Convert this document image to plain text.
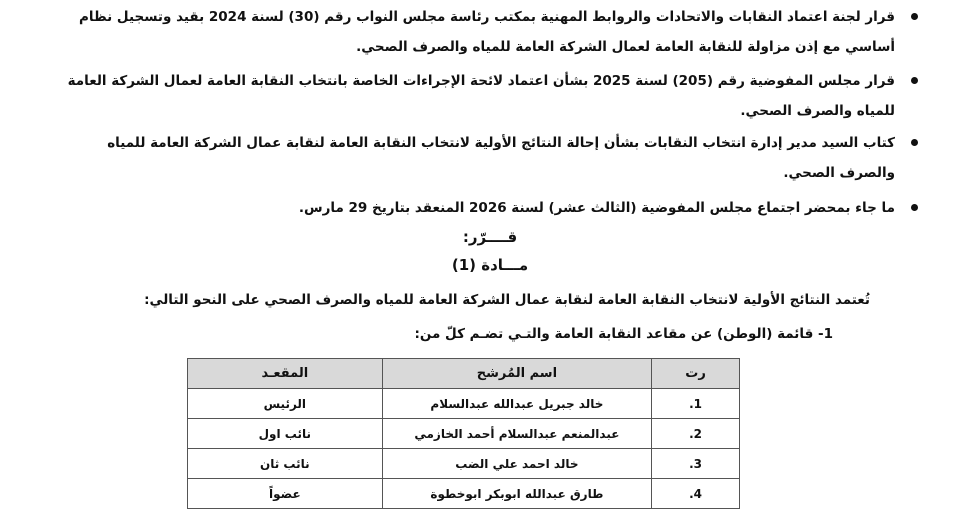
قرار لجنة اعتماد النقابات والاتحادات والروابط المهنية بمكتب رئاسة مجلس النواب رقم (30) لسنة 2024 بقيد وتسجيل نظام أساسي مع إذن مزاولة للنقابة العامة لعمال الشركة العامة للمياه والصرف الصحي.
قرار مجلس المفوضية رقم (205) لسنة 2025 بشأن اعتماد لائحة الإجراءات الخاصة بانتخاب النقابة العامة لعمال الشركة العامة للمياه والصرف الصحي.
كتاب السيد مدير إدارة انتخاب النقابات بشأن إحالة النتائج الأولية لانتخاب النقابة العامة لنقابة عمال الشركة العامة للمياه والصرف الصحي.
ما جاء بمحضر اجتماع مجلس المفوضية (الثالث عشر) لسنة 2026 المنعقد بتاريخ 29 مارس.
قــــرّر:
مـــادة (1)
تُعتمد النتائج الأولية لانتخاب النقابة العامة لنقابة عمال الشركة العامة للمياه والصرف الصحي على النحو التالي:
1- قائمة (الوطن) عن مقاعد النقابة العامة والتـي تضـم كلّ من:
رت	اسم المُرشح	المقعـد
1.	خالد جبريل عبدالله عبدالسلام	الرئيس
2.	عبدالمنعم عبدالسلام أحمد الخازمي	نائب اول
3.	خالد احمد علي الضب	نائب ثان
4.	طارق عبدالله ابوبكر ابوخطوة	عضواً
